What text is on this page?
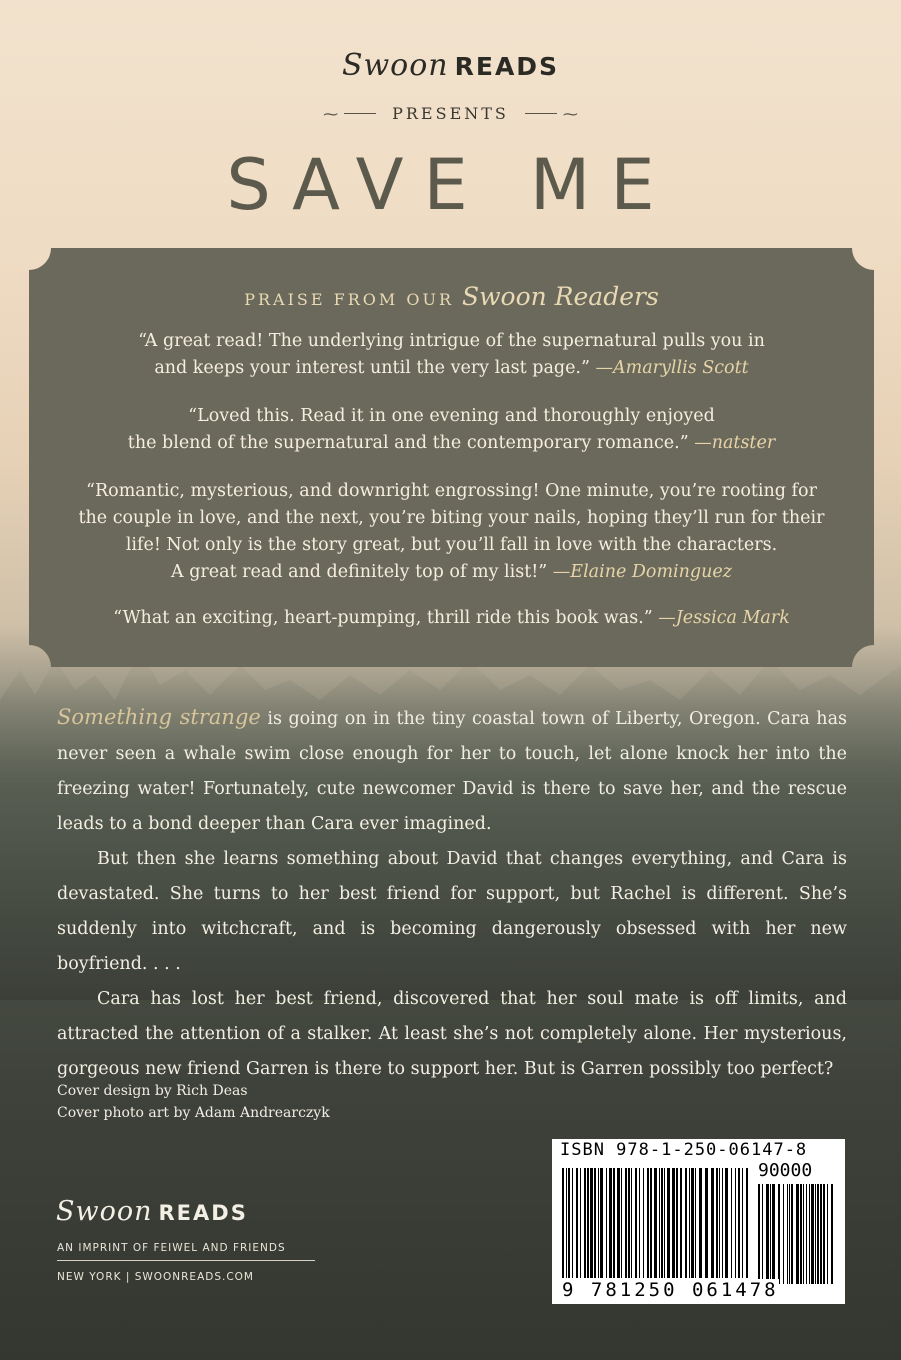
Swoon READS
⁓	PRESENTS	⁓
SAVE ME
PRAISE FROM OUR Swoon Readers
“A great read! The underlying intrigue of the supernatural pulls you in
and keeps your interest until the very last page.” —Amaryllis Scott
“Loved this. Read it in one evening and thoroughly enjoyed
the blend of the supernatural and the contemporary romance.” —natster
“Romantic, mysterious, and downright engrossing! One minute, you’re rooting for
the couple in love, and the next, you’re biting your nails, hoping they’ll run for their
life! Not only is the story great, but you’ll fall in love with the characters.
A great read and definitely top of my list!” —Elaine Dominguez
“What an exciting, heart-pumping, thrill ride this book was.” —Jessica Mark

Something strange is going on in the tiny coastal town of Liberty, Oregon. Cara has never seen a whale swim close enough for her to touch, let alone knock her into the freezing water! Fortunately, cute newcomer David is there to save her, and the rescue leads to a bond deeper than Cara ever imagined.

But then she learns something about David that changes everything, and Cara is devastated. She turns to her best friend for support, but Rachel is different. She’s suddenly into witchcraft, and is becoming dangerously obsessed with her new boyfriend. . . .

Cara has lost her best friend, discovered that her soul mate is off limits, and attracted the attention of a stalker. At least she’s not completely alone. Her mysterious, gorgeous new friend Garren is there to support her. But is Garren possibly too perfect?

Cover design by Rich Deas
Cover photo art by Adam Andrearczyk
Swoon READS
AN IMPRINT OF FEIWEL AND FRIENDS
NEW YORK | SWOONREADS.COM
ISBN 978-1-250-06147-8
90000
9 781250 061478
